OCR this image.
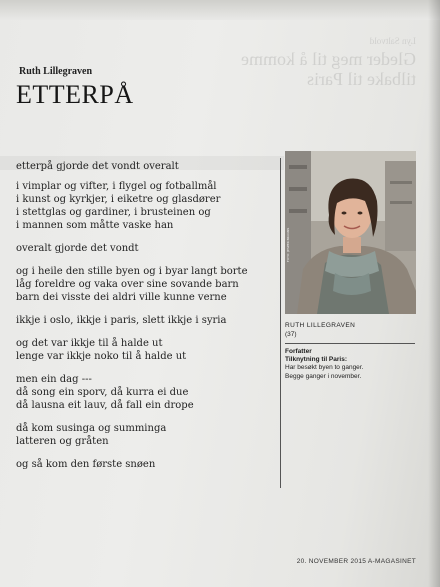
Lyn Saltvold
Gleder meg til å komme
tilbake til Paris
Ruth Lillegraven
ETTERPÅ
etterpå gjorde det vondt overalt
i vimplar og vifter, i flygel og fotballmål
i kunst og kyrkjer, i eiketre og glasdører
i stettglas og gardiner, i brusteinen og
i mannen som måtte vaske han
overalt gjorde det vondt
og i heile den stille byen og i byar langt borte
låg foreldre og vaka over sine sovande barn
barn dei visste dei aldri ville kunne verne
ikkje i oslo, ikkje i paris, slett ikkje i syria
og det var ikkje til å halde ut
lenge var ikkje noko til å halde ut
men ein dag ---
då song ein sporv, då kurra ei due
då lausna eit lauv, då fall ein drope
då kom susinga og summinga
latteren og gråten
og så kom den første snøen
FOTO: JESPER BRUUNS
RUTH LILLEGRAVEN
(37)
Forfatter
Tilknytning til Paris:
Har besøkt byen to ganger.
Begge ganger i november.
20. NOVEMBER 2015 A-MAGASINET
